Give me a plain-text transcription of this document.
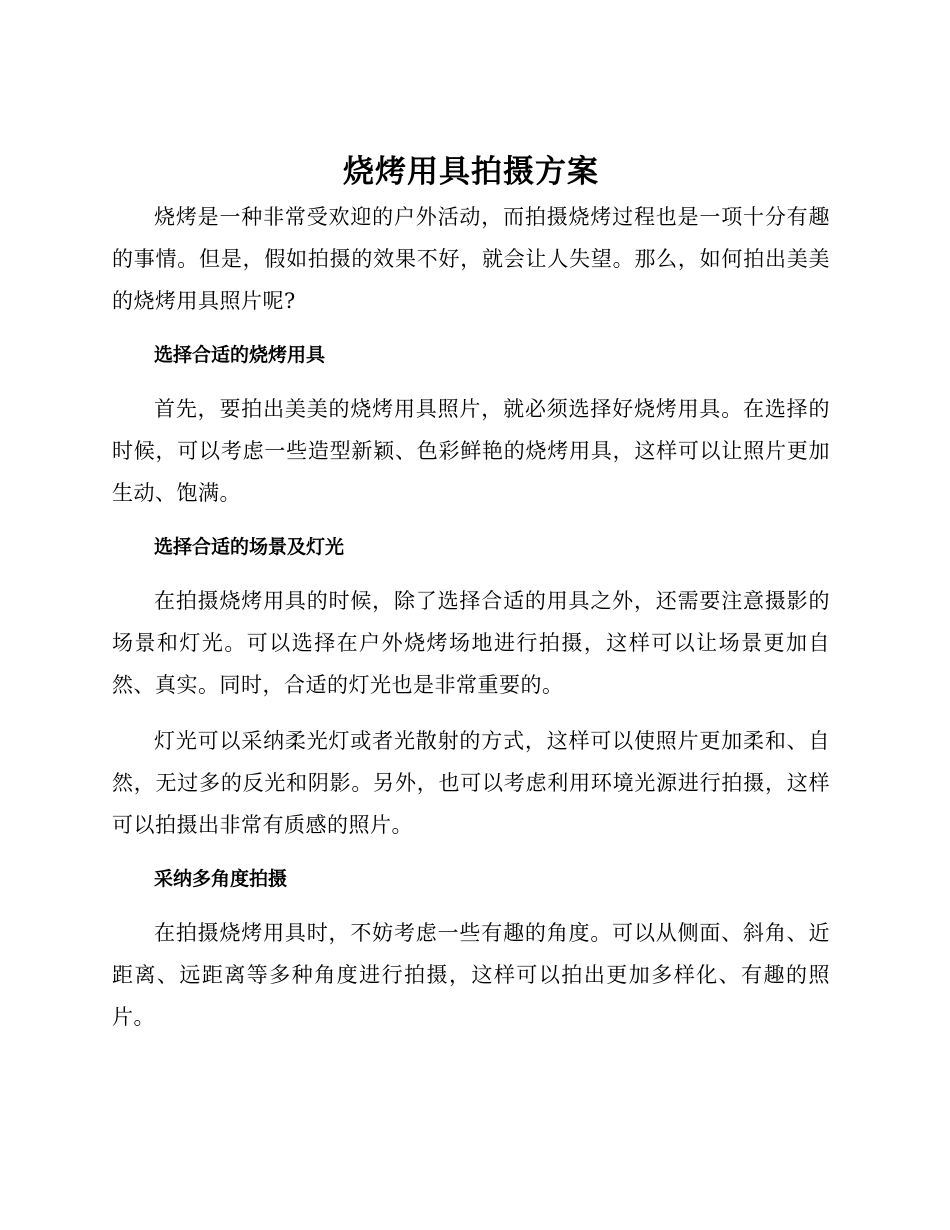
烧烤用具拍摄方案

烧烤是一种非常受欢迎的户外活动，而拍摄烧烤过程也是一项十分有趣的事情。但是，假如拍摄的效果不好，就会让人失望。那么，如何拍出美美的烧烤用具照片呢?

选择合适的烧烤用具

首先，要拍出美美的烧烤用具照片，就必须选择好烧烤用具。在选择的时候，可以考虑一些造型新颖、色彩鲜艳的烧烤用具，这样可以让照片更加生动、饱满。

选择合适的场景及灯光

在拍摄烧烤用具的时候，除了选择合适的用具之外，还需要注意摄影的场景和灯光。可以选择在户外烧烤场地进行拍摄，这样可以让场景更加自然、真实。同时，合适的灯光也是非常重要的。

灯光可以采纳柔光灯或者光散射的方式，这样可以使照片更加柔和、自然，无过多的反光和阴影。另外，也可以考虑利用环境光源进行拍摄，这样可以拍摄出非常有质感的照片。

采纳多角度拍摄

在拍摄烧烤用具时，不妨考虑一些有趣的角度。可以从侧面、斜角、近距离、远距离等多种角度进行拍摄，这样可以拍出更加多样化、有趣的照片。
